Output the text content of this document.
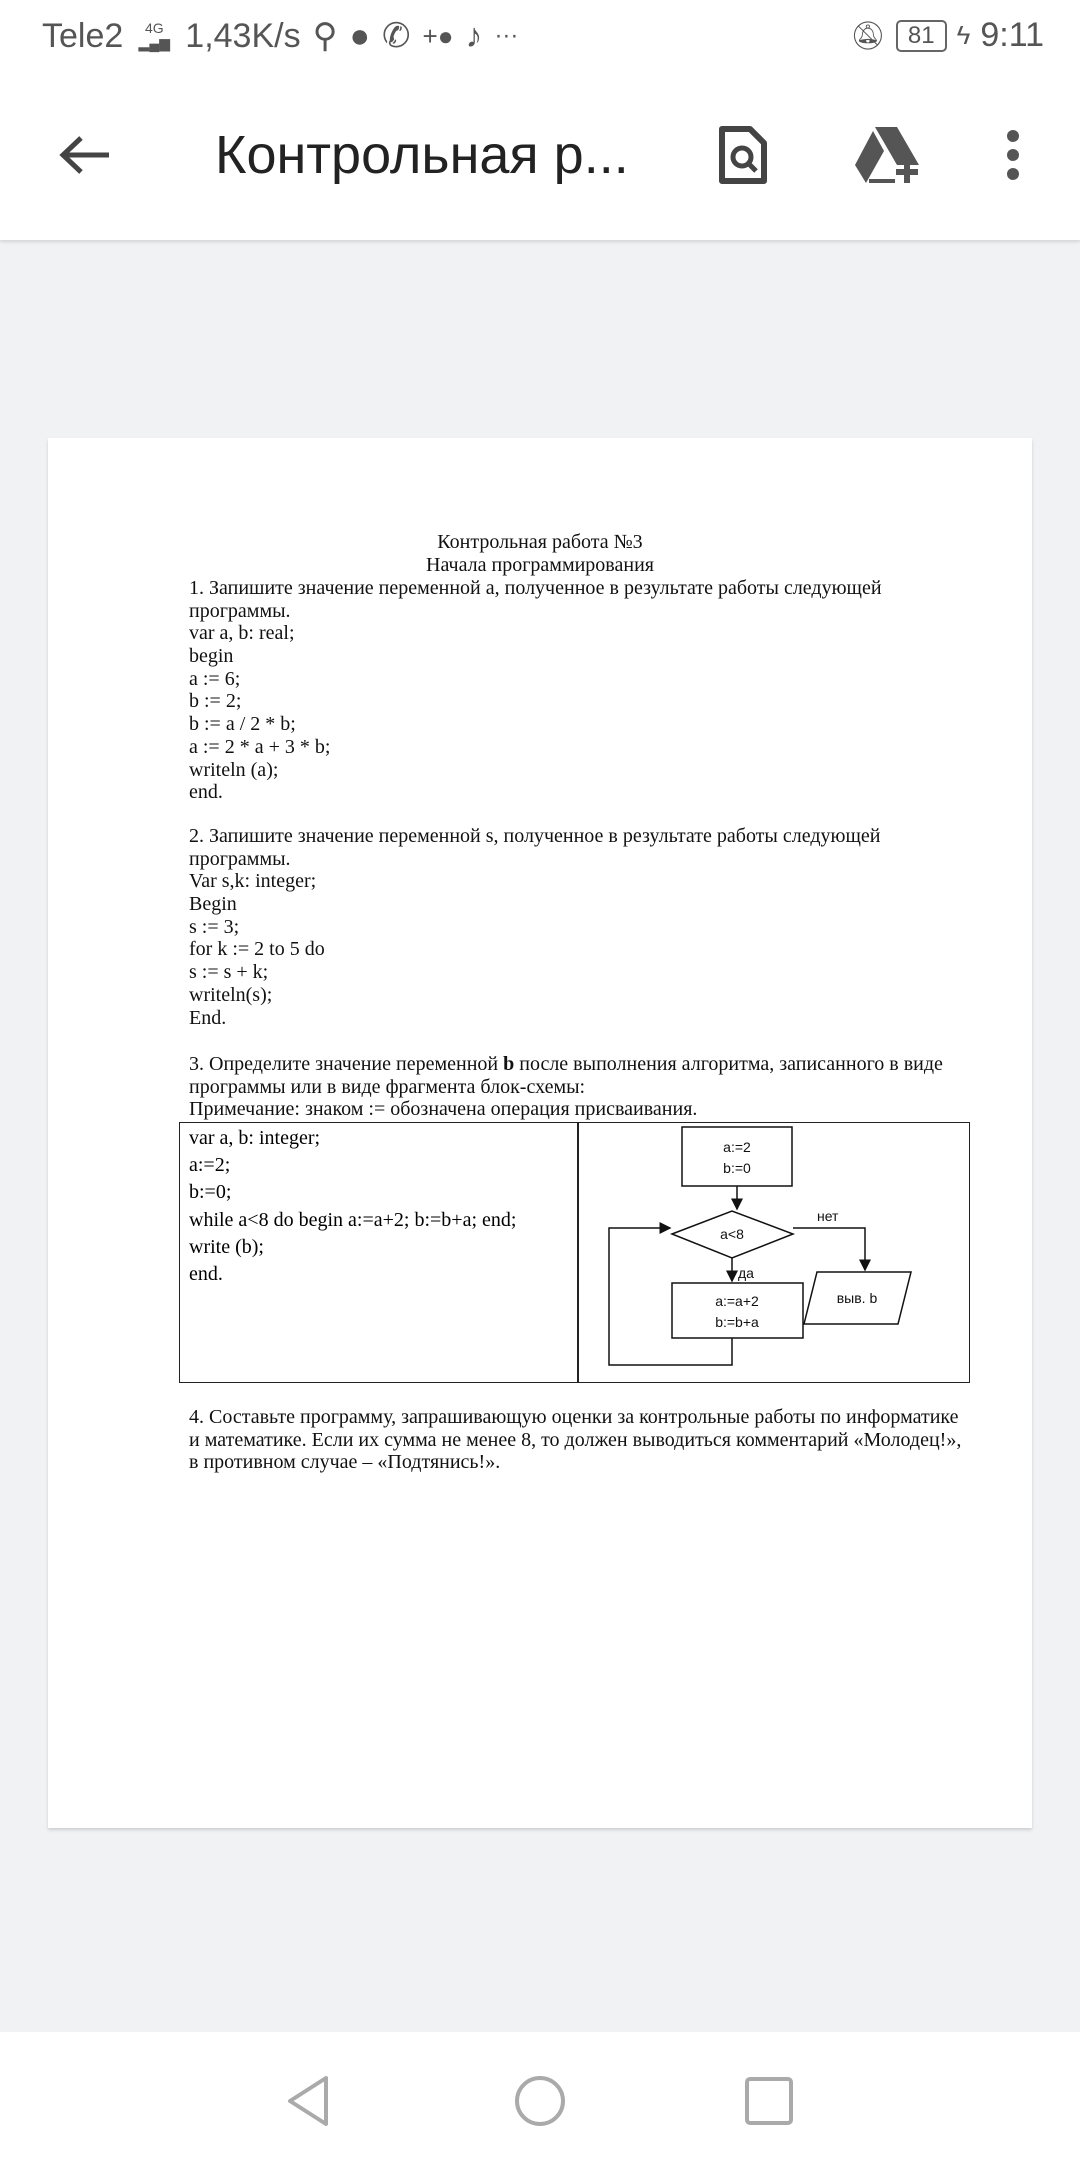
Tele2	4G
▂▄▆ 1,43K/s ⚲ ● ✆ +● ♪ ···	🔕︎ 81 ϟ 9:11
Контрольная р...
Контрольная работа №3
Начала программирования
1. Запишите значение переменной а, полученное в результате работы следующей
программы.
var a, b: real;
begin
a := 6;
b := 2;
b := a / 2 * b;
a := 2 * a + 3 * b;
writeln (a);
end.
2. Запишите значение переменной s, полученное в результате работы следующей
программы.
Var s,k: integer;
Begin
s := 3;
for k := 2 to 5 do
s := s + k;
writeln(s);
End.
3. Определите значение переменной b после выполнения алгоритма, записанного в виде
программы или в виде фрагмента блок-схемы:
Примечание: знаком := обозначена операция присваивания.
var a, b: integer;
a:=2;
b:=0;
while a<8 do begin a:=a+2; b:=b+a; end;
write (b);
end.
a:=2
b:=0
a<8
да
нет
a:=a+2
b:=b+a
выв. b
4. Составьте программу, запрашивающую оценки за контрольные работы по информатике
и математике. Если их сумма не менее 8, то должен выводиться комментарий «Молодец!»,
в противном случае – «Подтянись!».
